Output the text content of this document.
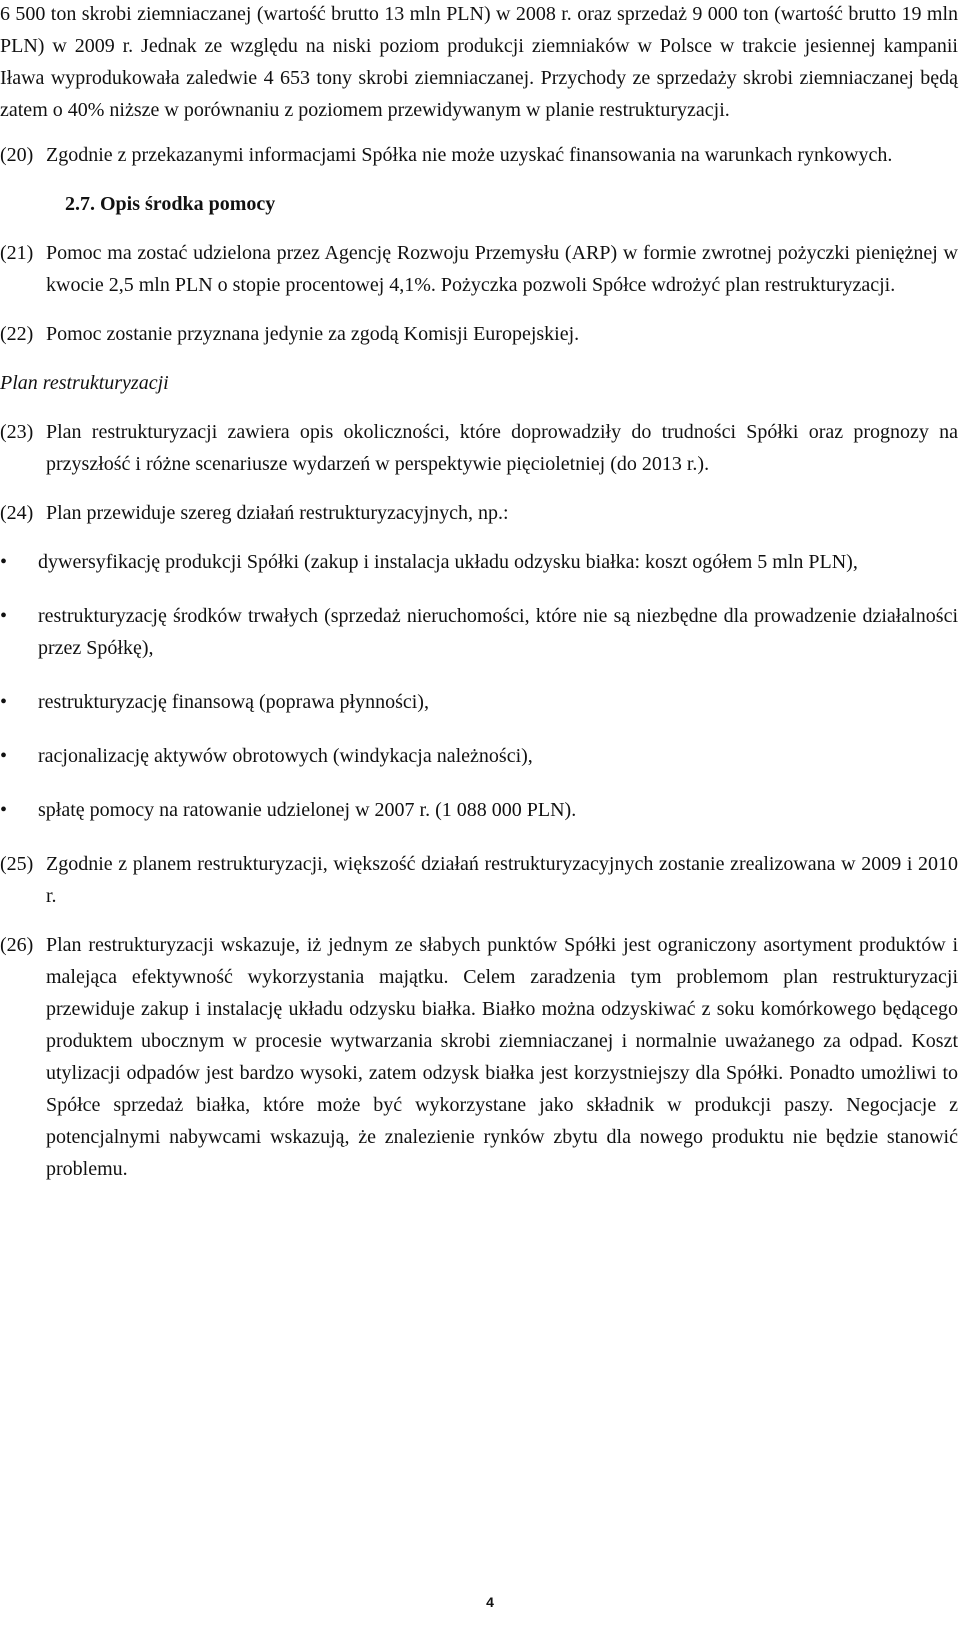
6 500 ton skrobi ziemniaczanej (wartość brutto 13 mln PLN) w 2008 r. oraz sprzedaż 9 000 ton (wartość brutto 19 mln PLN) w 2009 r. Jednak ze względu na niski poziom produkcji ziemniaków w Polsce w trakcie jesiennej kampanii Iława wyprodukowała zaledwie 4 653 tony skrobi ziemniaczanej. Przychody ze sprzedaży skrobi ziemniaczanej będą zatem o 40% niższe w porównaniu z poziomem przewidywanym w planie restrukturyzacji.

(20) Zgodnie z przekazanymi informacjami Spółka nie może uzyskać finansowania na warunkach rynkowych.
2.7. Opis środka pomocy
(21) Pomoc ma zostać udzielona przez Agencję Rozwoju Przemysłu (ARP) w formie zwrotnej pożyczki pieniężnej w kwocie 2,5 mln PLN o stopie procentowej 4,1%. Pożyczka pozwoli Spółce wdrożyć plan restrukturyzacji.
(22) Pomoc zostanie przyznana jedynie za zgodą Komisji Europejskiej.
Plan restrukturyzacji
(23) Plan restrukturyzacji zawiera opis okoliczności, które doprowadziły do trudności Spółki oraz prognozy na przyszłość i różne scenariusze wydarzeń w perspektywie pięcioletniej (do 2013 r.).
(24) Plan przewiduje szereg działań restrukturyzacyjnych, np.:
•	dywersyfikację produkcji Spółki (zakup i instalacja układu odzysku białka: koszt ogółem 5 mln PLN),
•	restrukturyzację środków trwałych (sprzedaż nieruchomości, które nie są niezbędne dla prowadzenie działalności przez Spółkę),
•	restrukturyzację finansową (poprawa płynności),
•	racjonalizację aktywów obrotowych (windykacja należności),
•	spłatę pomocy na ratowanie udzielonej w 2007 r. (1 088 000 PLN).
(25) Zgodnie z planem restrukturyzacji, większość działań restrukturyzacyjnych zostanie zrealizowana w 2009 i 2010 r.
(26) Plan restrukturyzacji wskazuje, iż jednym ze słabych punktów Spółki jest ograniczony asortyment produktów i malejąca efektywność wykorzystania majątku. Celem zaradzenia tym problemom plan restrukturyzacji przewiduje zakup i instalację układu odzysku białka. Białko można odzyskiwać z soku komórkowego będącego produktem ubocznym w procesie wytwarzania skrobi ziemniaczanej i normalnie uważanego za odpad. Koszt utylizacji odpadów jest bardzo wysoki, zatem odzysk białka jest korzystniejszy dla Spółki. Ponadto umożliwi to Spółce sprzedaż białka, które może być wykorzystane jako składnik w produkcji paszy. Negocjacje z potencjalnymi nabywcami wskazują, że znalezienie rynków zbytu dla nowego produktu nie będzie stanowić problemu.
4
